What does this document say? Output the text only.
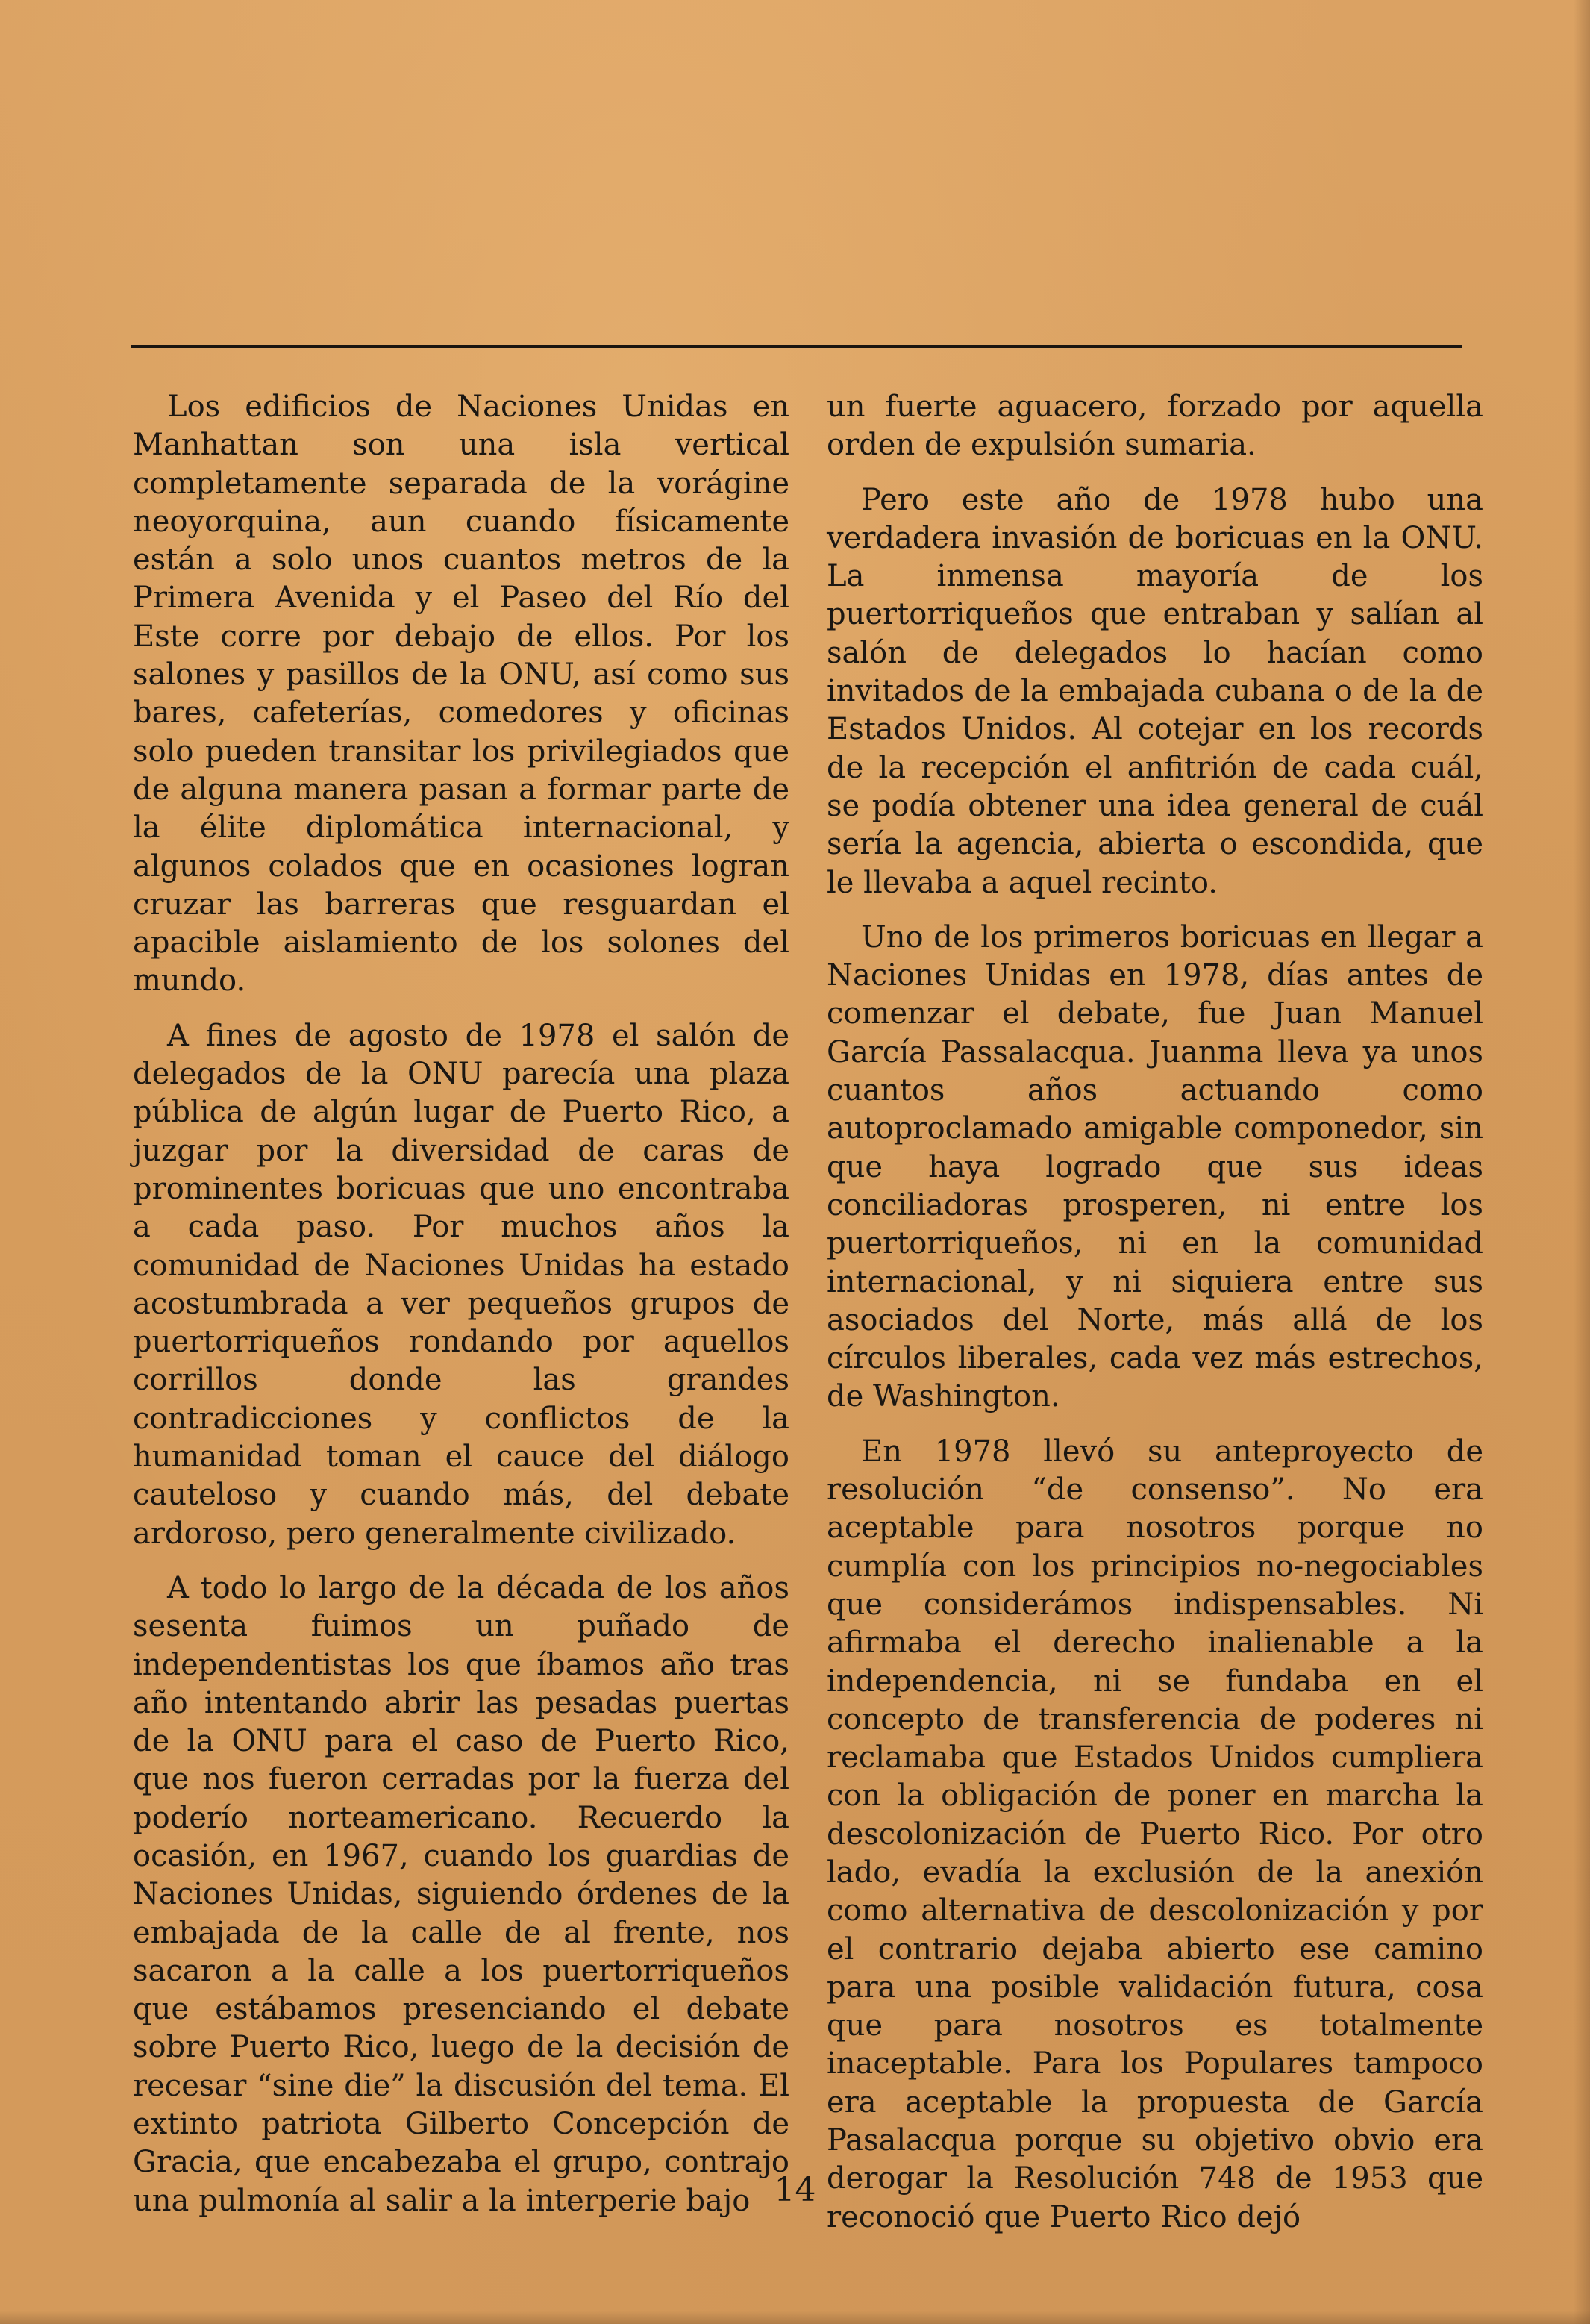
Los edificios de Naciones Unidas en Manhattan son una isla vertical completamente separada de la vorágine neoyorquina, aun cuando físicamente están a solo unos cuantos metros de la Primera Avenida y el Paseo del Río del Este corre por debajo de ellos. Por los salones y pasillos de la ONU, así como sus bares, cafeterías, comedores y oficinas solo pueden transitar los privilegiados que de alguna manera pasan a formar parte de la élite diplomática internacional, y algunos colados que en ocasiones logran cruzar las barreras que resguardan el apacible aislamiento de los solones del mundo.

A fines de agosto de 1978 el salón de delegados de la ONU parecía una plaza pública de algún lugar de Puerto Rico, a juzgar por la diversidad de caras de prominentes boricuas que uno encontraba a cada paso. Por muchos años la comunidad de Naciones Unidas ha estado acostumbrada a ver pequeños grupos de puertorriqueños rondando por aquellos corrillos donde las grandes contradicciones y conflictos de la humanidad toman el cauce del diálogo cauteloso y cuando más, del debate ardoroso, pero generalmente civilizado.

A todo lo largo de la década de los años sesenta fuimos un puñado de independentistas los que íbamos año tras año intentando abrir las pesadas puertas de la ONU para el caso de Puerto Rico, que nos fueron cerradas por la fuerza del poderío norteamericano. Recuerdo la ocasión, en 1967, cuando los guardias de Naciones Unidas, siguiendo órdenes de la embajada de la calle de al frente, nos sacaron a la calle a los puertorriqueños que estábamos presenciando el debate sobre Puerto Rico, luego de la decisión de recesar “sine die” la discusión del tema. El extinto patriota Gilberto Concepción de Gracia, que encabezaba el grupo, contrajo una pulmonía al salir a la interperie bajo

un fuerte aguacero, forzado por aquella orden de expulsión sumaria.

Pero este año de 1978 hubo una verdadera invasión de boricuas en la ONU. La inmensa mayoría de los puertorriqueños que entraban y salían al salón de delegados lo hacían como invitados de la embajada cubana o de la de Estados Unidos. Al cotejar en los records de la recepción el anfitrión de cada cuál, se podía obtener una idea general de cuál sería la agencia, abierta o escondida, que le llevaba a aquel recinto.

Uno de los primeros boricuas en llegar a Naciones Unidas en 1978, días antes de comenzar el debate, fue Juan Manuel García Passalacqua. Juanma lleva ya unos cuantos años actuando como autoproclamado amigable componedor, sin que haya logrado que sus ideas conciliadoras prosperen, ni entre los puertorriqueños, ni en la comunidad internacional, y ni siquiera entre sus asociados del Norte, más allá de los círculos liberales, cada vez más estrechos, de Washington.

En 1978 llevó su anteproyecto de resolución “de consenso”. No era aceptable para nosotros porque no cumplía con los principios no-negociables que considerámos indispensables. Ni afirmaba el derecho inalienable a la independencia, ni se fundaba en el concepto de transferencia de poderes ni reclamaba que Estados Unidos cumpliera con la obligación de poner en marcha la descolonización de Puerto Rico. Por otro lado, evadía la exclusión de la anexión como alternativa de descolonización y por el contrario dejaba abierto ese camino para una posible validación futura, cosa que para nosotros es totalmente inaceptable. Para los Populares tampoco era aceptable la propuesta de García Pasalacqua porque su objetivo obvio era derogar la Resolución 748 de 1953 que reconoció que Puerto Rico dejó

14
